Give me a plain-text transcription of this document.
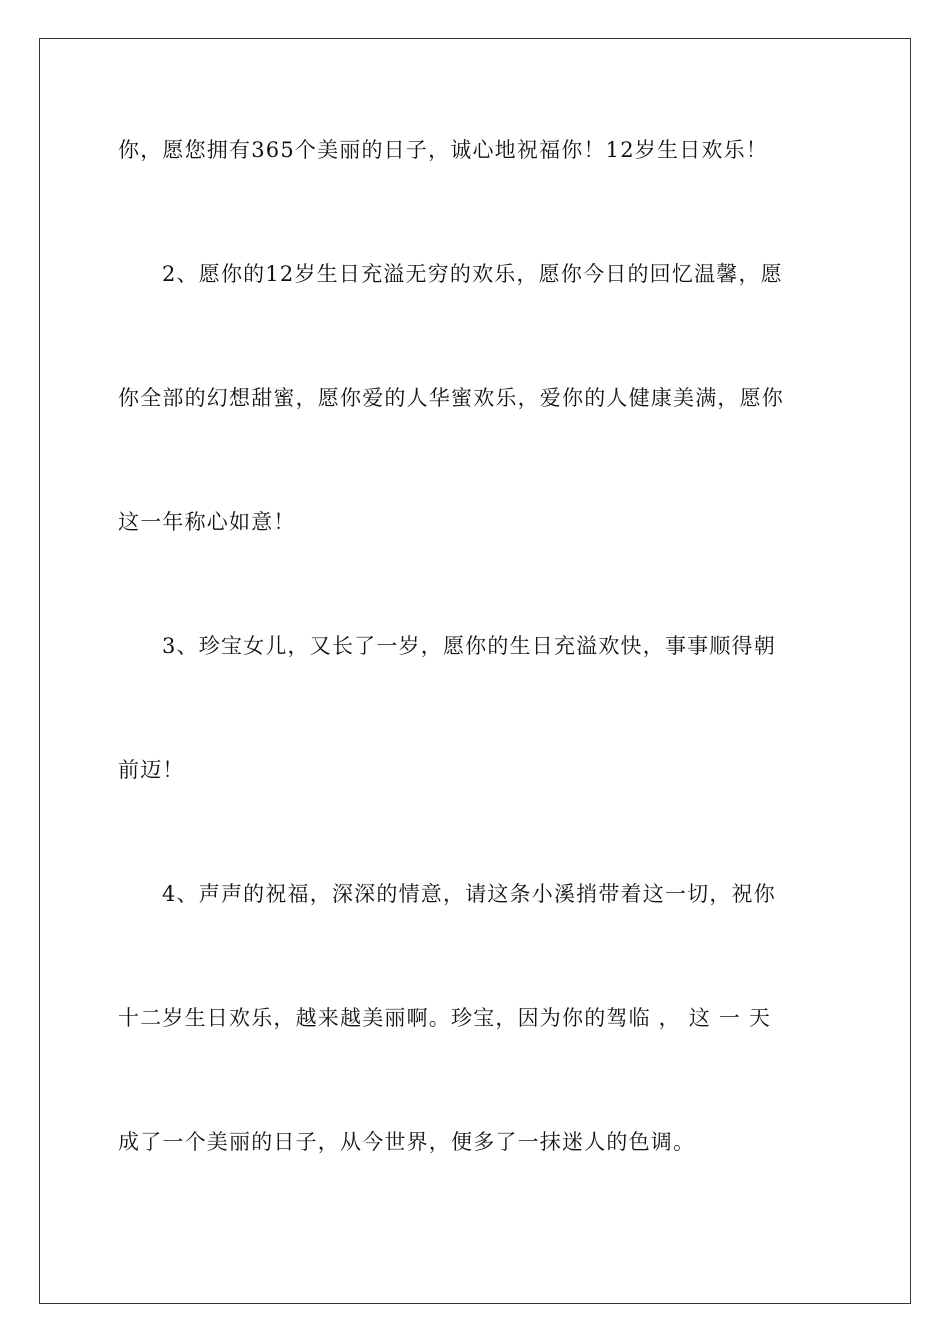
你，愿您拥有365个美丽的日子，诚心地祝福你！12岁生日欢乐！
2、愿你的12岁生日充溢无穷的欢乐，愿你今日的回忆温馨，愿
你全部的幻想甜蜜，愿你爱的人华蜜欢乐，爱你的人健康美满，愿你
这一年称心如意！
3、珍宝女儿，又长了一岁，愿你的生日充溢欢快，事事顺得朝
前迈！
4、声声的祝福，深深的情意，请这条小溪捎带着这一切，祝你
十二岁生日欢乐，越来越美丽啊。珍宝，因为你的驾临 ， 这 一 天
成了一个美丽的日子，从今世界，便多了一抹迷人的色调。
